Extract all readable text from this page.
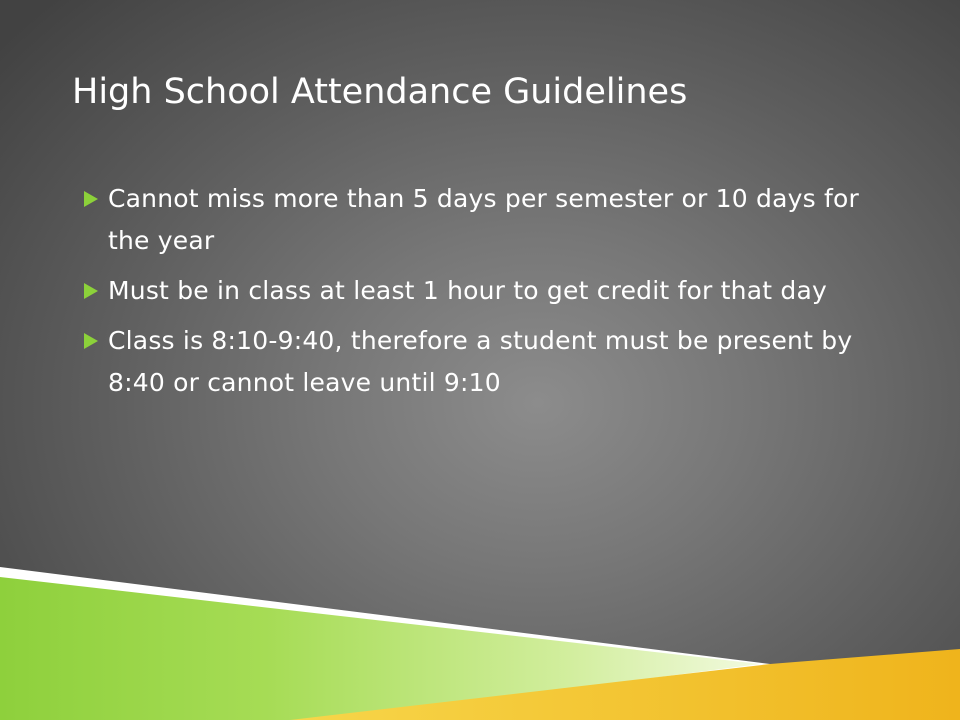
High School Attendance Guidelines
Cannot miss more than 5 days per semester or 10 days for the year
Must be in class at least 1 hour to get credit for that day
Class is 8:10-9:40, therefore a student must be present by 8:40 or cannot leave until 9:10
